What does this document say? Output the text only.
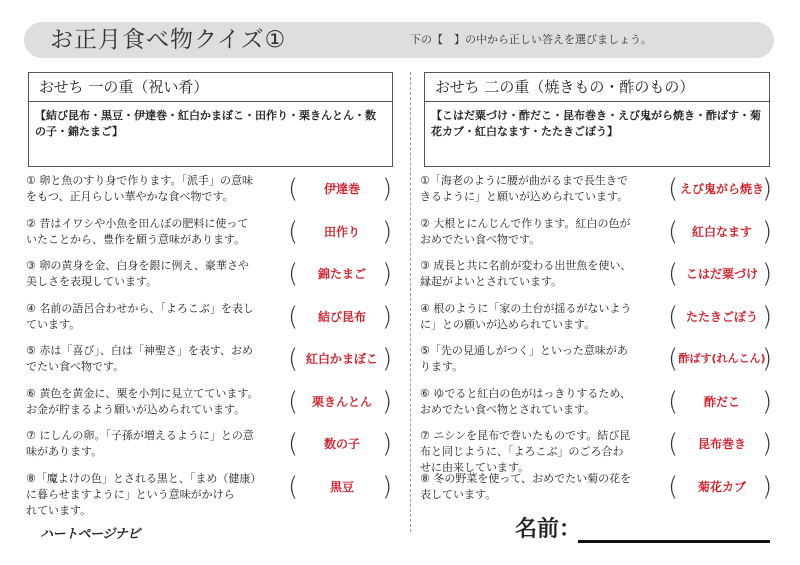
お正月食べ物クイズ①	下の【　】の中から正しい答えを選びましょう。
おせち 一の重（祝い肴）
【結び昆布・黒豆・伊達巻・紅白かまぼこ・田作り・栗きんとん・数の子・錦たまご】
① 卵と魚のすり身で作ります。「派手」の意味
をもつ、正月らしい華やかな食べ物です。	(	伊達巻 )
② 昔はイワシや小魚を田んぼの肥料に使って
いたことから、豊作を願う意味があります。 (	田作り )
③ 卵の黄身を金、白身を銀に例え、豪華さや
美しさを表現しています。	(	錦たまご )
④ 名前の語呂合わせから、「よろこぶ」を表し
ています。	(	結び昆布 )
⑤ 赤は「喜び」、白は「神聖さ」を表す、おめ
でたい食べ物です。	( 紅白かまぼこ )
⑥ 黄色を黄金に、栗を小判に見立てています。
お金が貯まるよう願いが込められています。	(	栗きんとん )
⑦ にしんの卵。「子孫が増えるように」との意
味があります。	(	数の子 )
⑧「魔よけの色」とされる黒と、「まめ（健康）
に暮らせますように」という意味がかけら
れています。
(	黒豆	)
おせち 二の重（焼きもの・酢のもの）
【こはだ粟づけ・酢だこ・昆布巻き・えび鬼がら焼き・酢ばす・菊花カブ・紅白なます・たたきごぼう】
①「海老のように腰が曲がるまで長生きで
きるように」と願いが込められています。 ( えび鬼がら焼き
)
② 大根とにんじんで作ります。紅白の色が
おめでたい食べ物です。	(	紅白なます )
③ 成長と共に名前が変わる出世魚を使い、
縁起がよいとされています。	( こはだ粟づけ )
④ 根のように「家の土台が揺るがないよう
に」との願いが込められています。	( たたきごぼう )
⑤「先の見通しがつく」といった意味があ
ります。	( 酢ばす(れんこん)
)
⑥ ゆでると紅白の色がはっきりするため、
おめでたい食べ物とされています。	(	酢だこ )
⑦ ニシンを昆布で巻いたものです。結び昆
布と同じように、「よろこぶ」のごろ合わ
せに由来しています。
(	昆布巻き )
⑧ 冬の野菜を使って、おめでたい菊の花を
表しています。	(	菊花カブ )
ハートページナビ	名前：
